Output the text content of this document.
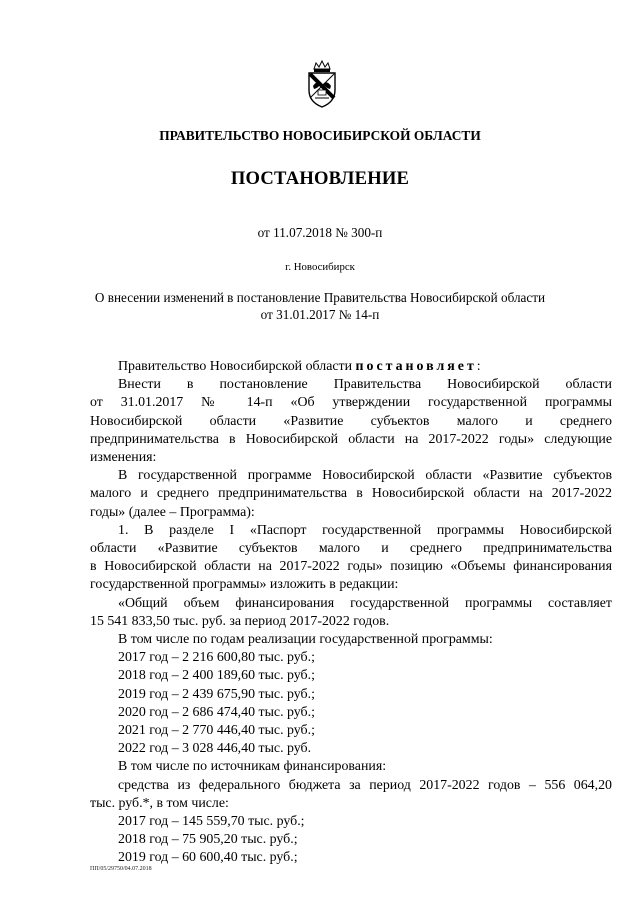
ПРАВИТЕЛЬСТВО НОВОСИБИРСКОЙ ОБЛАСТИ
ПОСТАНОВЛЕНИЕ
от 11.07.2018 № 300-п
г. Новосибирск
О внесении изменений в постановление Правительства Новосибирской области
от 31.01.2017 № 14-п

Правительство Новосибирской области постановляет:

Внести в постановление Правительства Новосибирской области

от 31.01.2017 № 14-п «Об утверждении государственной программы

Новосибирской области «Развитие субъектов малого и среднего

предпринимательства в Новосибирской области на 2017-2022 годы» следующие

изменения:

В государственной программе Новосибирской области «Развитие субъектов

малого и среднего предпринимательства в Новосибирской области на 2017-2022

годы» (далее – Программа):

1. В разделе I «Паспорт государственной программы Новосибирской

области «Развитие субъектов малого и среднего предпринимательства

в Новосибирской области на 2017-2022 годы» позицию «Объемы финансирования

государственной программы» изложить в редакции:

«Общий объем финансирования государственной программы составляет

15 541 833,50 тыс. руб. за период 2017-2022 годов.

В том числе по годам реализации государственной программы:

2017 год – 2 216 600,80 тыс. руб.;

2018 год – 2 400 189,60 тыс. руб.;

2019 год – 2 439 675,90 тыс. руб.;

2020 год – 2 686 474,40 тыс. руб.;

2021 год – 2 770 446,40 тыс. руб.;

2022 год – 3 028 446,40 тыс. руб.

В том числе по источникам финансирования:

средства из федерального бюджета за период 2017-2022 годов – 556 064,20

тыс. руб.*, в том числе:

2017 год – 145 559,70 тыс. руб.;

2018 год – 75 905,20 тыс. руб.;

2019 год – 60 600,40 тыс. руб.;

ПП/05/29750/04.07.2018
